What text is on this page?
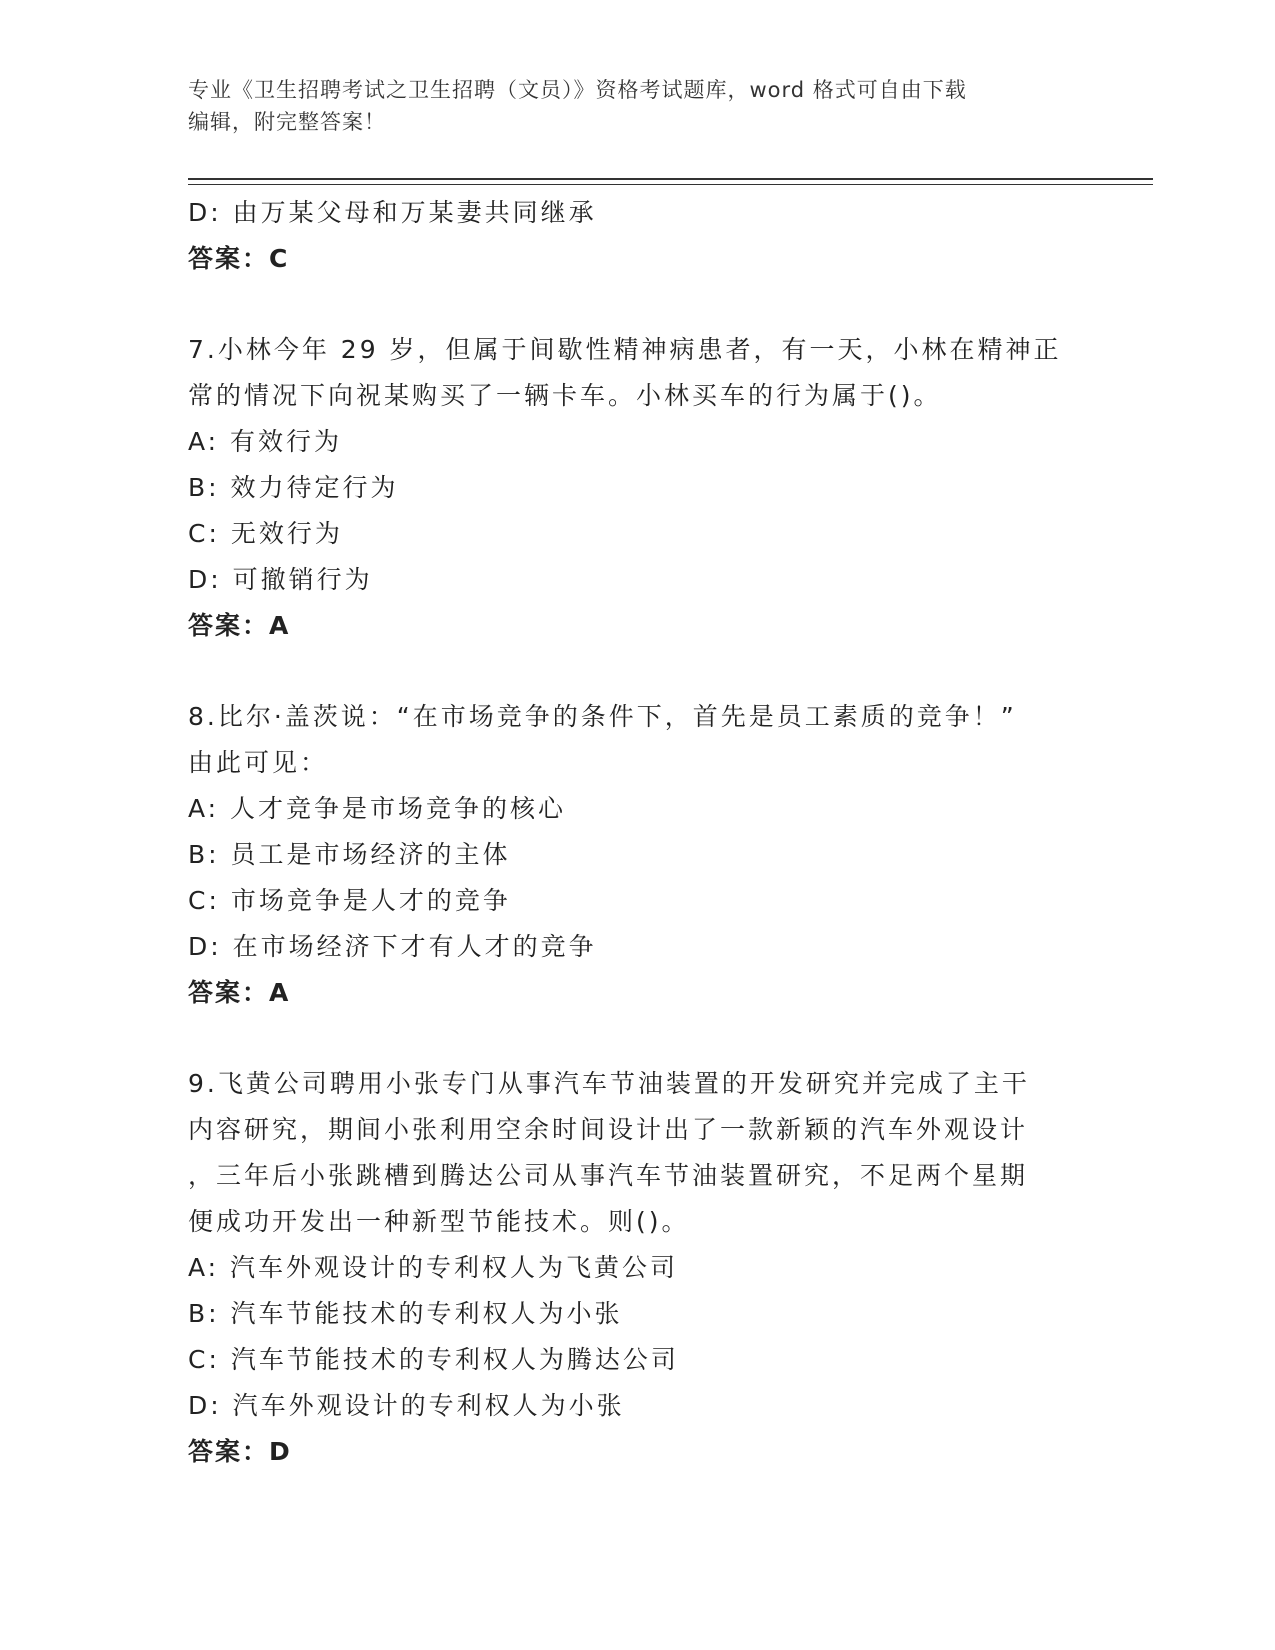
专业《卫生招聘考试之卫生招聘（文员）》资格考试题库，word 格式可自由下载
编辑，附完整答案！
D: 由万某父母和万某妻共同继承
答案：C
7.小林今年 29 岁，但属于间歇性精神病患者，有一天，小林在精神正
常的情况下向祝某购买了一辆卡车。小林买车的行为属于()。
A: 有效行为
B: 效力待定行为
C: 无效行为
D: 可撤销行为
答案：A
8.比尔·盖茨说：“在市场竞争的条件下，首先是员工素质的竞争！”
由此可见：
A: 人才竞争是市场竞争的核心
B: 员工是市场经济的主体
C: 市场竞争是人才的竞争
D: 在市场经济下才有人才的竞争
答案：A
9.飞黄公司聘用小张专门从事汽车节油装置的开发研究并完成了主干
内容研究，期间小张利用空余时间设计出了一款新颖的汽车外观设计
，三年后小张跳槽到腾达公司从事汽车节油装置研究，不足两个星期
便成功开发出一种新型节能技术。则()。
A: 汽车外观设计的专利权人为飞黄公司
B: 汽车节能技术的专利权人为小张
C: 汽车节能技术的专利权人为腾达公司
D: 汽车外观设计的专利权人为小张
答案：D
